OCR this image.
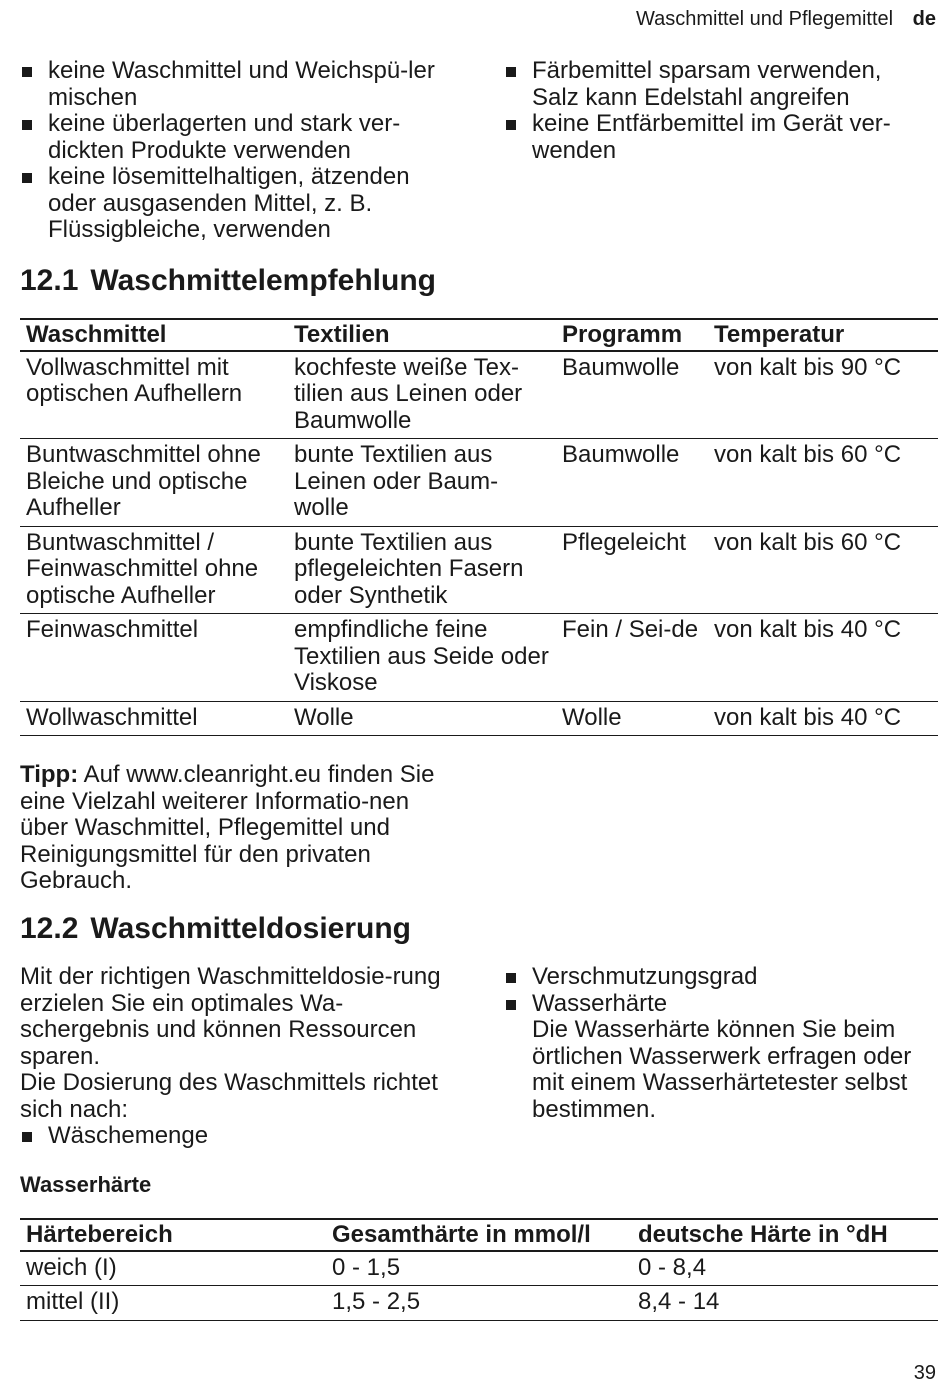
Waschmittel und Pflegemittel de
keine Waschmittel und Weichspü-ler mischen
keine überlagerten und stark ver-dickten Produkte verwenden
keine lösemittelhaltigen, ätzenden oder ausgasenden Mittel, z. B. Flüssigbleiche, verwenden
Färbemittel sparsam verwenden, Salz kann Edelstahl angreifen
keine Entfärbemittel im Gerät ver-wenden
12.1 Waschmittelempfehlung
Waschmittel	Textilien	Programm	Temperatur
Vollwaschmittel mit optischen Aufhellern	kochfeste weiße Tex-tilien aus Leinen oder Baumwolle	Baumwolle	von kalt bis 90 °C
Buntwaschmittel ohne Bleiche und optische Aufheller	bunte Textilien aus Leinen oder Baum-wolle	Baumwolle	von kalt bis 60 °C
Buntwaschmittel / Feinwaschmittel ohne optische Aufheller	bunte Textilien aus pflegeleichten Fasern oder Synthetik	Pflegeleicht	von kalt bis 60 °C
Feinwaschmittel	empfindliche feine Textilien aus Seide oder Viskose	Fein / Sei-de	von kalt bis 40 °C
Wollwaschmittel	Wolle	Wolle	von kalt bis 40 °C
Tipp: Auf www.cleanright.eu finden Sie eine Vielzahl weiterer Informatio-nen über Waschmittel, Pflegemittel und Reinigungsmittel für den privaten Gebrauch.
12.2 Waschmitteldosierung
Mit der richtigen Waschmitteldosie-rung erzielen Sie ein optimales Wa-schergebnis und können Ressourcen sparen.
Die Dosierung des Waschmittels richtet sich nach:
Wäschemenge
Verschmutzungsgrad
Wasserhärte
Die Wasserhärte können Sie beim örtlichen Wasserwerk erfragen oder mit einem Wasserhärtetester selbst bestimmen.
Wasserhärte
Härtebereich	Gesamthärte in mmol/l	deutsche Härte in °dH
weich (I)	0 - 1,5	0 - 8,4
mittel (II)	1,5 - 2,5	8,4 - 14
39
